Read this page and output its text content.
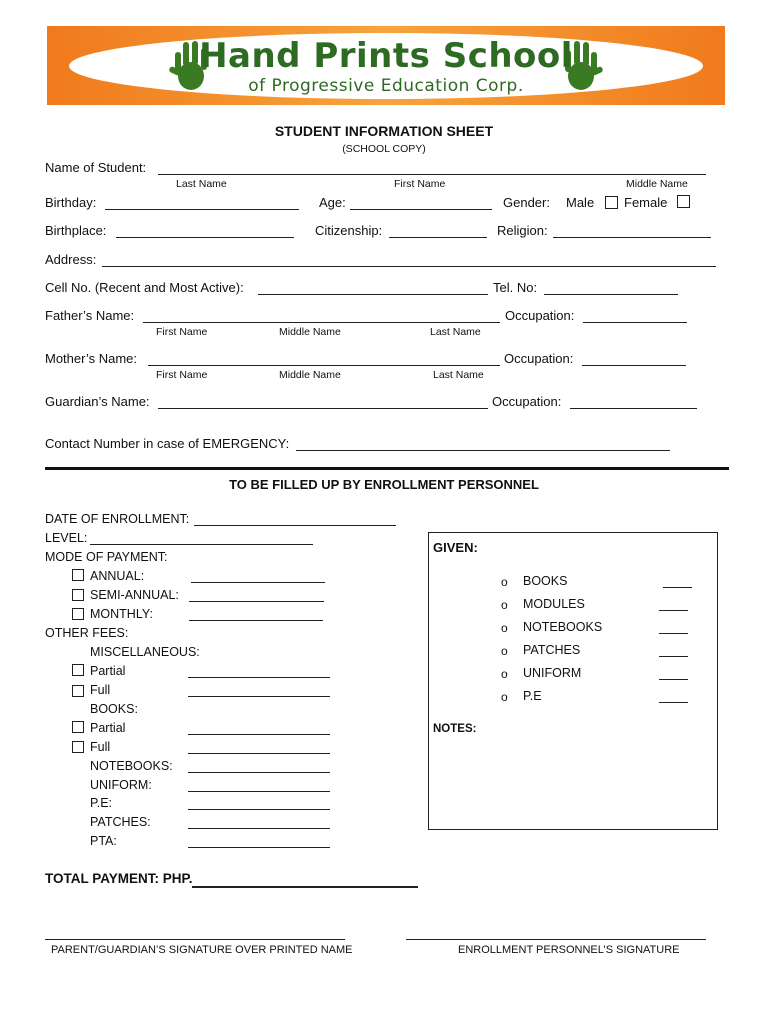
Hand Prints School
of Progressive Education Corp.
STUDENT INFORMATION SHEET
(SCHOOL COPY)
Name of Student:
Last Name	First Name	Middle Name
Birthday:	Age:	Gender: Male Female
Birthplace:	Citizenship:	Religion:
Address:
Cell No. (Recent and Most Active):	Tel. No:
Father’s Name:	Occupation:
First Name	Middle Name	Last Name
Mother’s Name:	Occupation:
First Name	Middle Name	Last Name
Guardian’s Name:	Occupation:
Contact Number in case of EMERGENCY:
TO BE FILLED UP BY ENROLLMENT PERSONNEL
DATE OF ENROLLMENT:
LEVEL:
MODE OF PAYMENT:
ANNUAL:
SEMI-ANNUAL:
MONTHLY:
OTHER FEES:
MISCELLANEOUS:
Partial
Full
BOOKS:
Partial
Full
NOTEBOOKS:
UNIFORM:
P.E:
PATCHES:
PTA:
TOTAL PAYMENT: PHP.
GIVEN:
o BOOKS
o MODULES
o NOTEBOOKS
o PATCHES
o UNIFORM
o P.E
NOTES:
PARENT/GUARDIAN’S SIGNATURE OVER PRINTED NAME	ENROLLMENT PERSONNEL’S SIGNATURE
